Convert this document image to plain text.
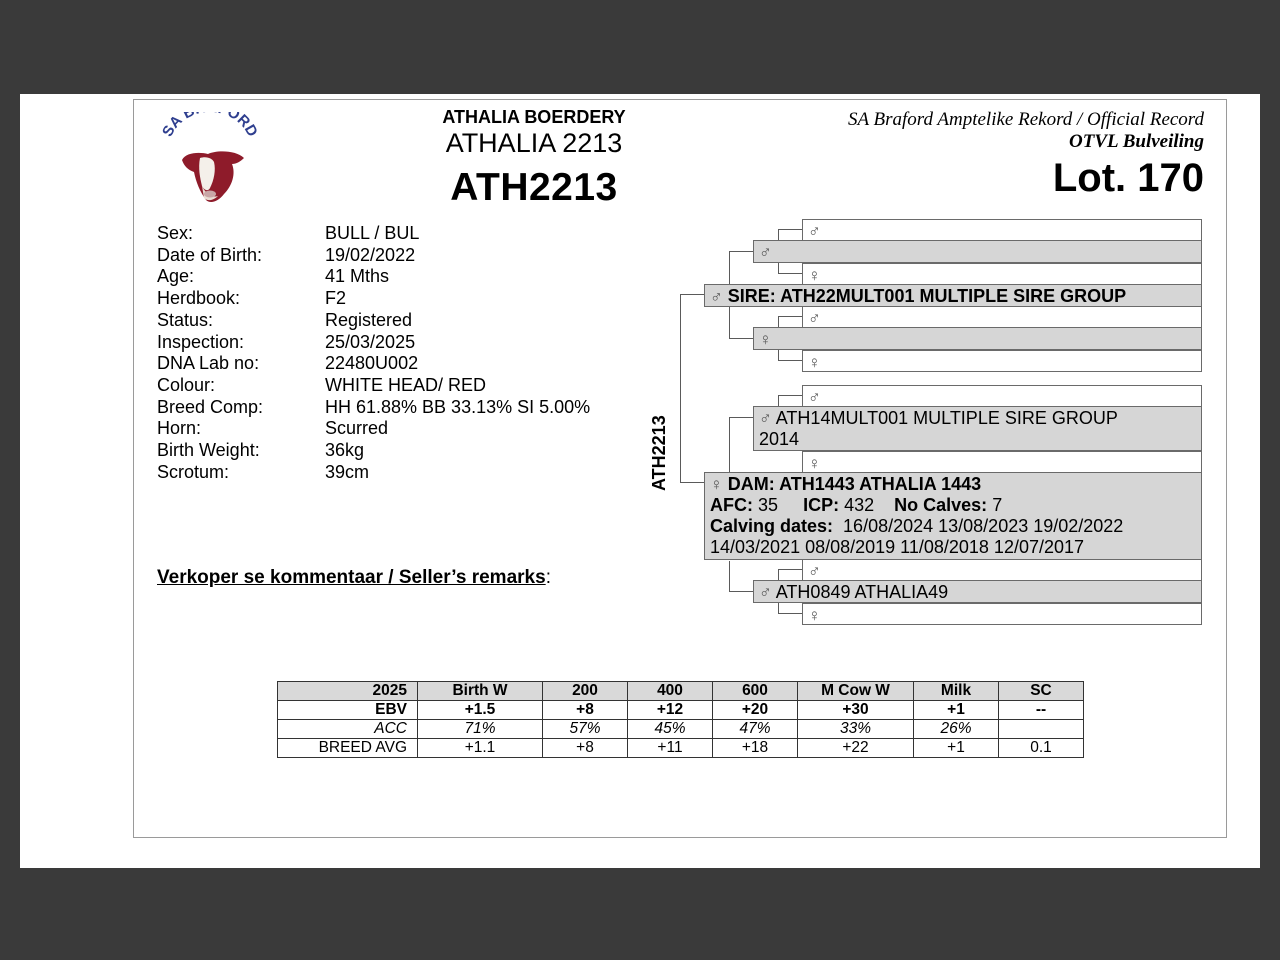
SA B ORD
ATHALIA BOERDERY
ATHALIA 2213
ATH2213
SA Braford Amptelike Rekord / Official Record
OTVL Bulveiling
Lot. 170
Sex:	BULL / BUL
Date of Birth:	19/02/2022
Age:	41 Mths
Herdbook:	F2
Status:	Registered
Inspection:	25/03/2025
DNA Lab no:	22480U002
Colour:	WHITE HEAD/ RED
Breed Comp:	HH 61.88% BB 33.13% SI 5.00%
Horn:	Scurred
Birth Weight:	36kg
Scrotum:	39cm
Verkoper se kommentaar / Seller’s remarks:
ATH2213
♂
♀
♂
♀
♂
♀
♂ SIRE: ATH22MULT001 MULTIPLE SIRE GROUP
♂
♀
♂
♀
♂ ATH14MULT001 MULTIPLE SIRE GROUP
2014
♀ DAM: ATH1443 ATHALIA 1443
AFC: 35 ICP: 432 No Calves: 7
Calving dates: 16/08/2024 13/08/2023 19/02/2022
14/03/2021 08/08/2019 11/08/2018 12/07/2017
♂ ATH0849 ATHALIA49
2025	Birth W	200	400	600	M Cow W	Milk	SC
EBV	+1.5	+8	+12	+20	+30	+1	--
ACC	71%	57%	45%	47%	33%	26%	
BREED AVG	+1.1	+8	+11	+18	+22	+1	0.1
